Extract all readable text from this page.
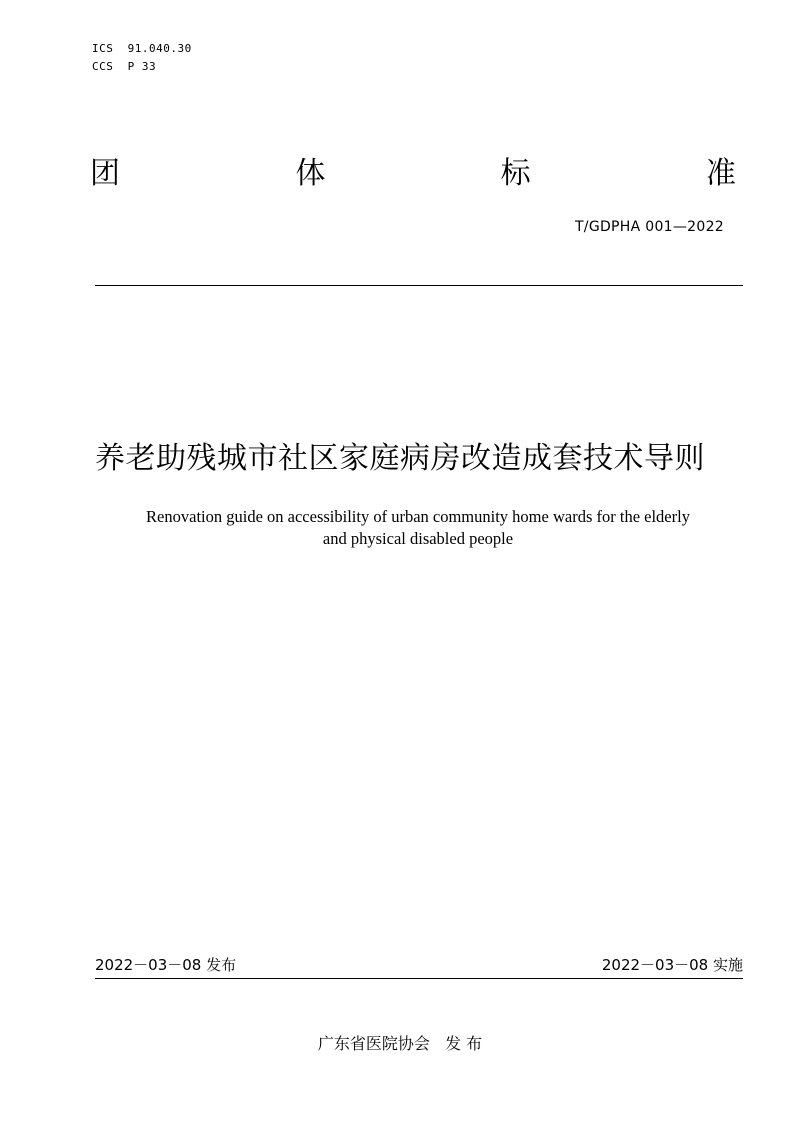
ICS  91.040.30
CCS  P 33
团	体	标	准
T/GDPHA 001—2022
养老助残城市社区家庭病房改造成套技术导则
Renovation guide on accessibility of urban community home wards for the elderly
and physical disabled people
2022－03－08 发布	2022－03－08 实施
广东省医院协会   发 布
